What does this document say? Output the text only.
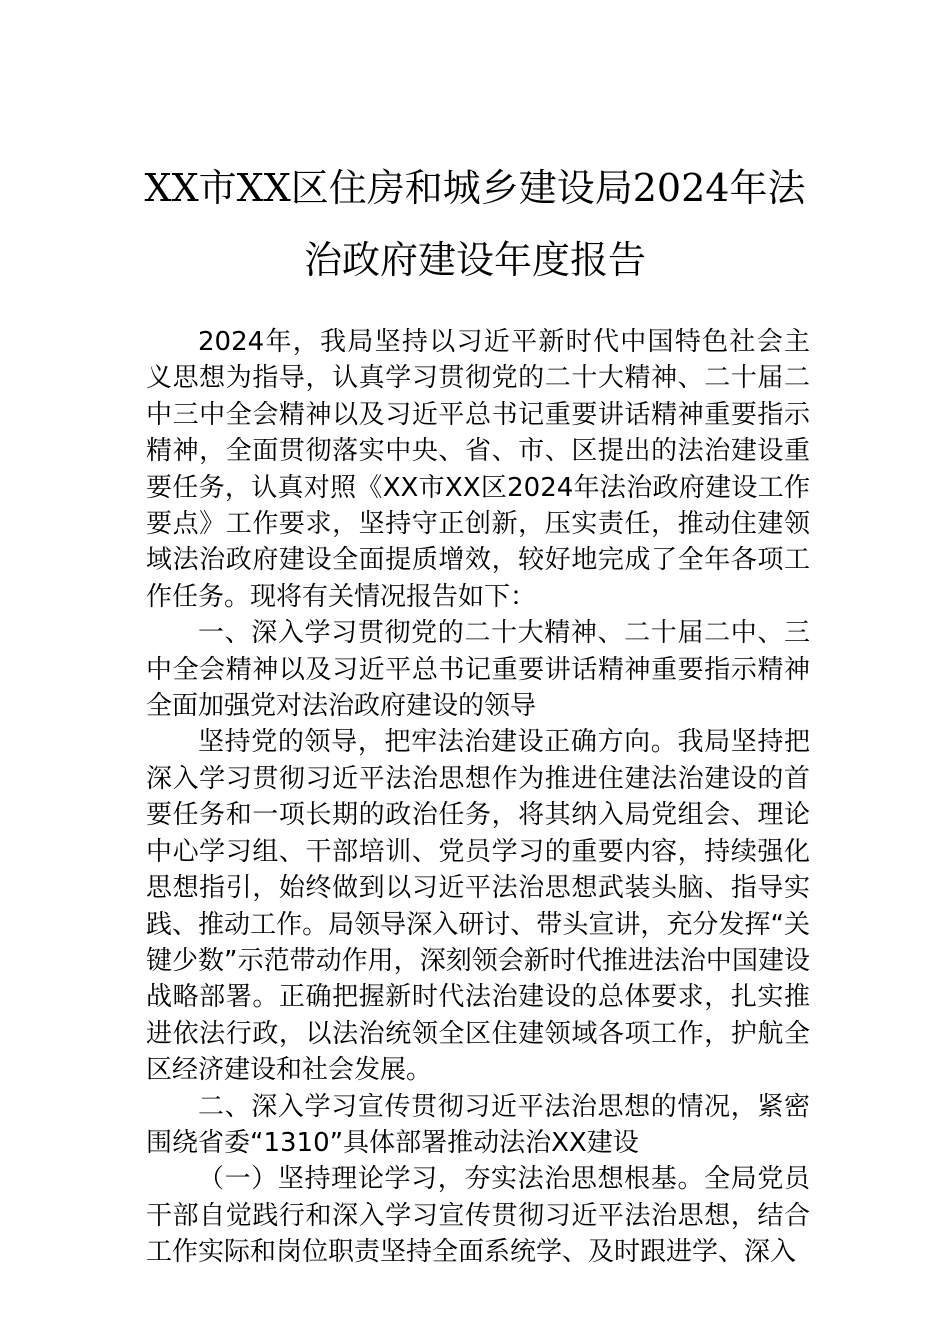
XX市XX区住房和城乡建设局2024年法
治政府建设年度报告

2024年，我局坚持以习近平新时代中国特色社会主义思想为指导，认真学习贯彻党的二十大精神、二十届二中三中全会精神以及习近平总书记重要讲话精神重要指示精神，全面贯彻落实中央、省、市、区提出的法治建设重要任务，认真对照《XX市XX区2024年法治政府建设工作要点》工作要求，坚持守正创新，压实责任，推动住建领域法治政府建设全面提质增效，较好地完成了全年各项工作任务。现将有关情况报告如下：

一、深入学习贯彻党的二十大精神、二十届二中、三中全会精神以及习近平总书记重要讲话精神重要指示精神全面加强党对法治政府建设的领导

坚持党的领导，把牢法治建设正确方向。我局坚持把深入学习贯彻习近平法治思想作为推进住建法治建设的首要任务和一项长期的政治任务，将其纳入局党组会、理论中心学习组、干部培训、党员学习的重要内容，持续强化思想指引，始终做到以习近平法治思想武装头脑、指导实践、推动工作。局领导深入研讨、带头宣讲，充分发挥“关键少数”示范带动作用，深刻领会新时代推进法治中国建设战略部署。正确把握新时代法治建设的总体要求，扎实推进依法行政，以法治统领全区住建领域各项工作，护航全区经济建设和社会发展。

二、深入学习宣传贯彻习近平法治思想的情况，紧密围绕省委“1310”具体部署推动法治XX建设

（一）坚持理论学习，夯实法治思想根基。全局党员干部自觉践行和深入学习宣传贯彻习近平法治思想，结合工作实际和岗位职责坚持全面系统学、及时跟进学、深入
